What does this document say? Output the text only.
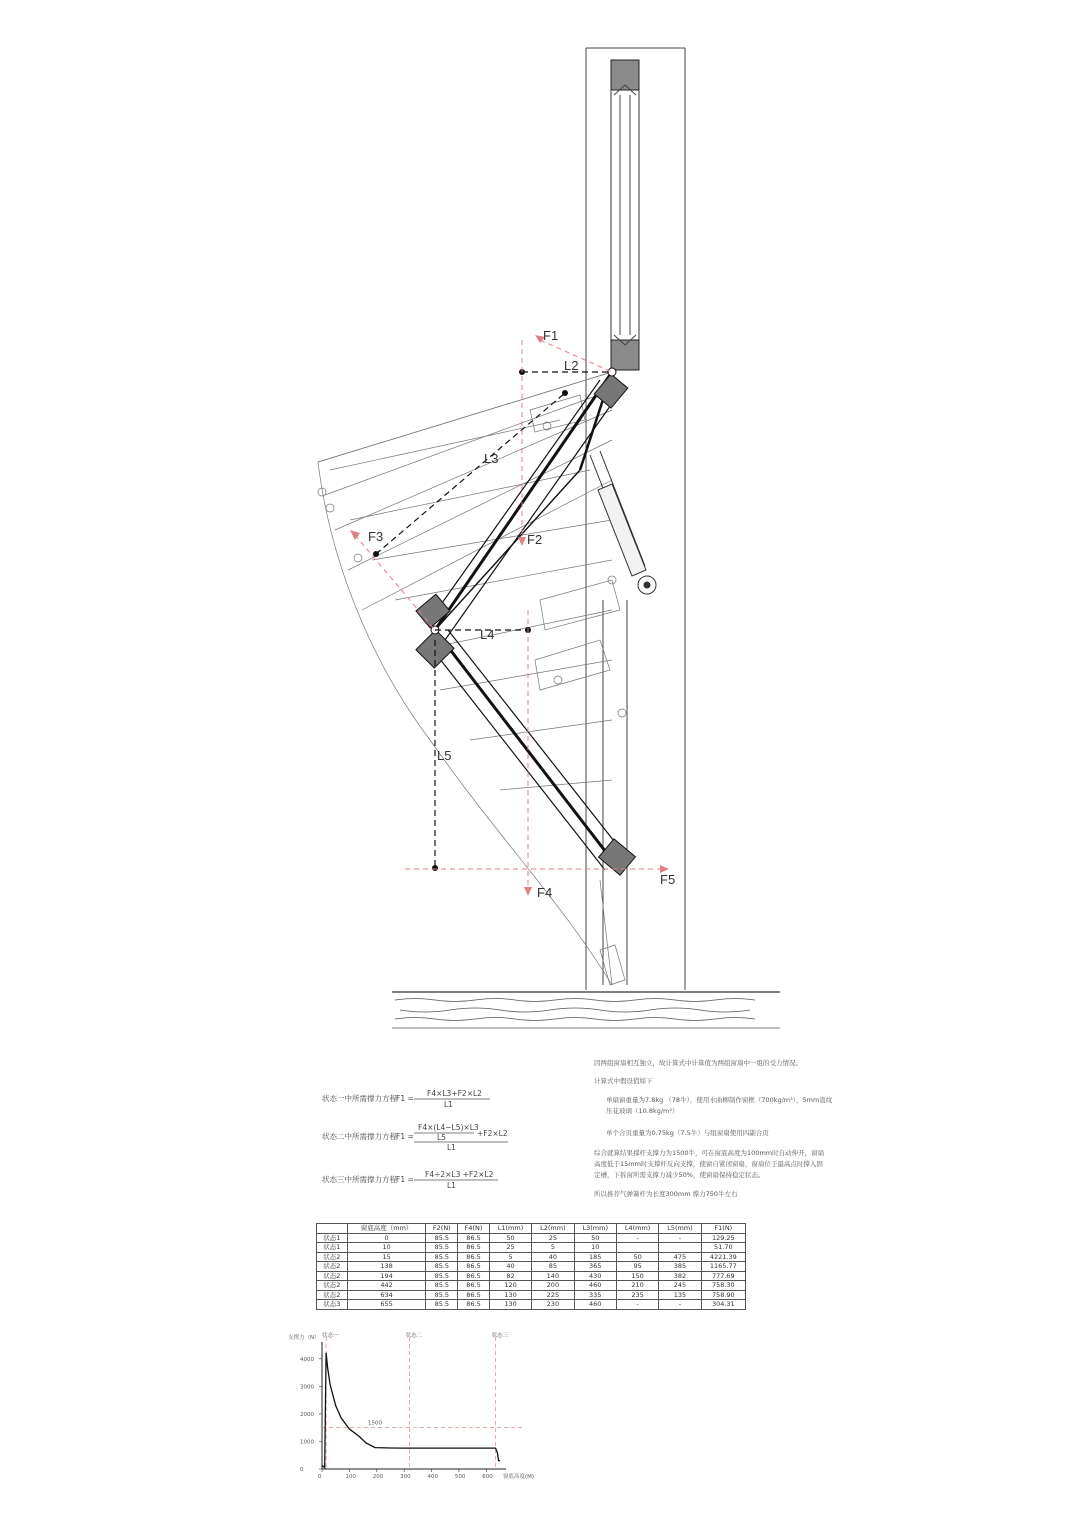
F1
F2
F3
F4
F5
L2
L3
L4
L5
状态一中所需撑力方程 F1 =
F4×L3+F2×L2
L1
状态二中所需撑力方程 F1 =
F4×(L4−L5)×L3
L5	+F2×L2
L1
状态三中所需撑力方程 F1 =
F4÷2×L3 +F2×L2
L1
因两组窗扇相互独立，故计算式中计算值为两组窗扇中一组的受力情况。
计算式中假设值如下
单扇窗重量为7.8kg （78牛），使用水曲柳制作窗框（700kg/m³），5mm直纹
压花玻璃（10.8kg/m²）
单个合页重量为0.75kg（7.5牛）与组窗扇使用四副合页
综合就算结果撑杆支撑力为1500牛，可在窗底高度为100mm时自动伸开，窗扇
高度低于15mm时支撑杆反向支撑，使窗自紧闭窗扇，窗扇位于最高点时撑入固
定槽，下拆窗所需支撑力减少50%，使窗扇保持稳定状态。
所以推荐气弹簧杆为长度300mm 撑力750牛左右
支撑力（N）
窗底高度(M)
0	100	200	300	400	500	600
0
1000
2000
3000
4000
状态一	状态二	状态三
1500
	窗底高度（mm）	F2(N)	F4(N)	L1(mm)	L2(mm)	L3(mm)	L4(mm)	L5(mm)	F1(N)
状态1	0	85.5	86.5	50	25	50	-	-	129.25
状态1	10	85.5	86.5	25	5	10			51.70
状态2	15	85.5	86.5	5	40	185	50	475	4221.39
状态2	138	85.5	86.5	40	85	365	95	385	1165.77
状态2	194	85.5	86.5	82	140	430	150	382	777.69
状态2	442	85.5	86.5	120	200	460	210	245	758.30
状态2	634	85.5	86.5	130	225	335	235	135	758.90
状态3	655	85.5	86.5	130	230	460	-	-	304.31
